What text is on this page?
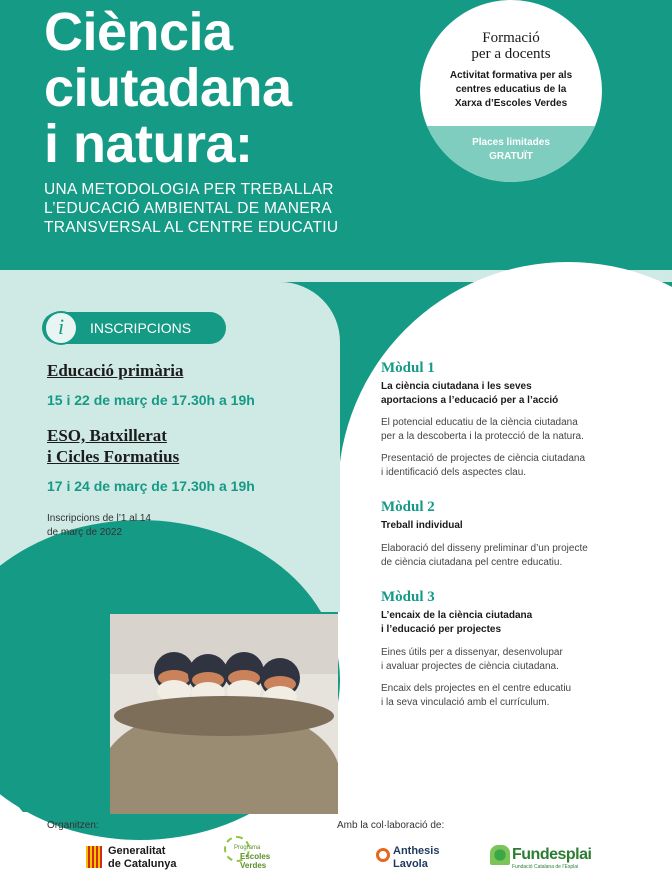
Ciència
ciutadana
i natura:
UNA METODOLOGIA PER TREBALLAR
L’EDUCACIÓ AMBIENTAL DE MANERA
TRANSVERSAL AL CENTRE EDUCATIU
Formació
per a docents
Activitat formativa per als
centres educatius de la
Xarxa d’Escoles Verdes
Places limitades
GRATUÏT
i	INSCRIPCIONS
Educació primària
15 i 22 de març de 17.30h a 19h
ESO, Batxillerat
i Cicles Formatius
17 i 24 de març de 17.30h a 19h
Inscripcions de l’1 al 14
de març de 2022
Mòdul 1
La ciència ciutadana i les seves
aportacions a l’educació per a l’acció
El potencial educatiu de la ciència ciutadana
per a la descoberta i la protecció de la natura.
Presentació de projectes de ciència ciutadana
i identificació dels aspectes clau.
Mòdul 2
Treball individual
Elaboració del disseny preliminar d’un projecte
de ciència ciutadana pel centre educatiu.
Mòdul 3
L’encaix de la ciència ciutadana
i l’educació per projectes
Eines útils per a dissenyar, desenvolupar
i avaluar projectes de ciència ciutadana.
Encaix dels projectes en el centre educatiu
i la seva vinculació amb el currículum.
Organitzen:	Amb la col·laboració de:
Generalitat
de Catalunya
Programa
Escoles
Verdes
Anthesis
Lavola
Fundesplai
Fundació Catalana de l’Esplai
